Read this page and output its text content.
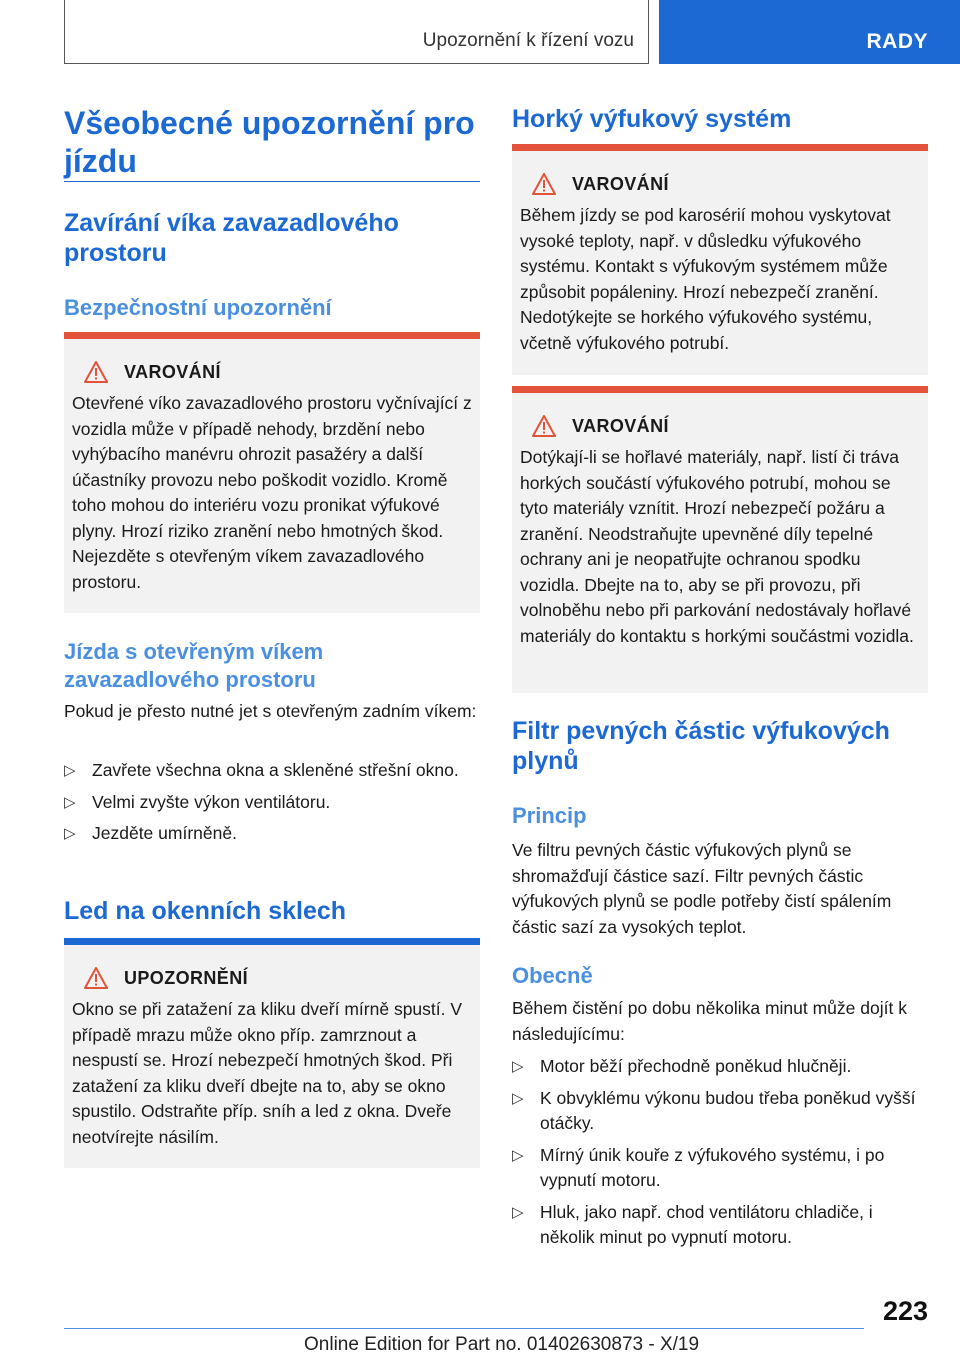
Upozornění k řízení vozu	RADY
Všeobecné upozornění pro jízdu
Zavírání víka zavazadlového prostoru
Bezpečnostní upozornění
VAROVÁNÍ
Otevřené víko zavazadlového prostoru vyčnívající z vozidla může v případě nehody, brzdění nebo vyhýbacího manévru ohrozit pasažéry a další účastníky provozu nebo poškodit vozidlo. Kromě toho mohou do interiéru vozu pronikat výfukové plyny. Hrozí riziko zranění nebo hmotných škod. Nejezděte s otevřeným víkem zavazadlového prostoru.
Jízda s otevřeným víkem zavazadlového prostoru
Pokud je přesto nutné jet s otevřeným zadním víkem:
▷ Zavřete všechna okna a skleněné střešní okno.
▷ Velmi zvyšte výkon ventilátoru.
▷ Jezděte umírněně.
Led na okenních sklech
UPOZORNĚNÍ
Okno se při zatažení za kliku dveří mírně spustí. V případě mrazu může okno příp. zamrznout a nespustí se. Hrozí nebezpečí hmotných škod. Při zatažení za kliku dveří dbejte na to, aby se okno spustilo. Odstraňte příp. sníh a led z okna. Dveře neotvírejte násilím.
Horký výfukový systém
VAROVÁNÍ
Během jízdy se pod karosérií mohou vyskytovat vysoké teploty, např. v důsledku výfukového systému. Kontakt s výfukovým systémem může způsobit popáleniny. Hrozí nebezpečí zranění. Nedotýkejte se horkého výfukového systému, včetně výfukového potrubí.
VAROVÁNÍ
Dotýkají-li se hořlavé materiály, např. listí či tráva horkých součástí výfukového potrubí, mohou se tyto materiály vznítit. Hrozí nebezpečí požáru a zranění. Neodstraňujte upevněné díly tepelné ochrany ani je neopatřujte ochranou spodku vozidla. Dbejte na to, aby se při provozu, při volnoběhu nebo při parkování nedostávaly hořlavé materiály do kontaktu s horkými součástmi vozidla.
Filtr pevných částic výfukových plynů
Princip
Ve filtru pevných částic výfukových plynů se shromažďují částice sazí. Filtr pevných částic výfukových plynů se podle potřeby čistí spálením částic sazí za vysokých teplot.
Obecně
Během čistění po dobu několika minut může dojít k následujícímu:
▷ Motor běží přechodně poněkud hlučněji.
▷ K obvyklému výkonu budou třeba poněkud vyšší otáčky.
▷ Mírný únik kouře z výfukového systému, i po vypnutí motoru.
▷ Hluk, jako např. chod ventilátoru chladiče, i několik minut po vypnutí motoru.
223
Online Edition for Part no. 01402630873 - X/19
Downloaded from www.Manualslib.com manuals search engine
